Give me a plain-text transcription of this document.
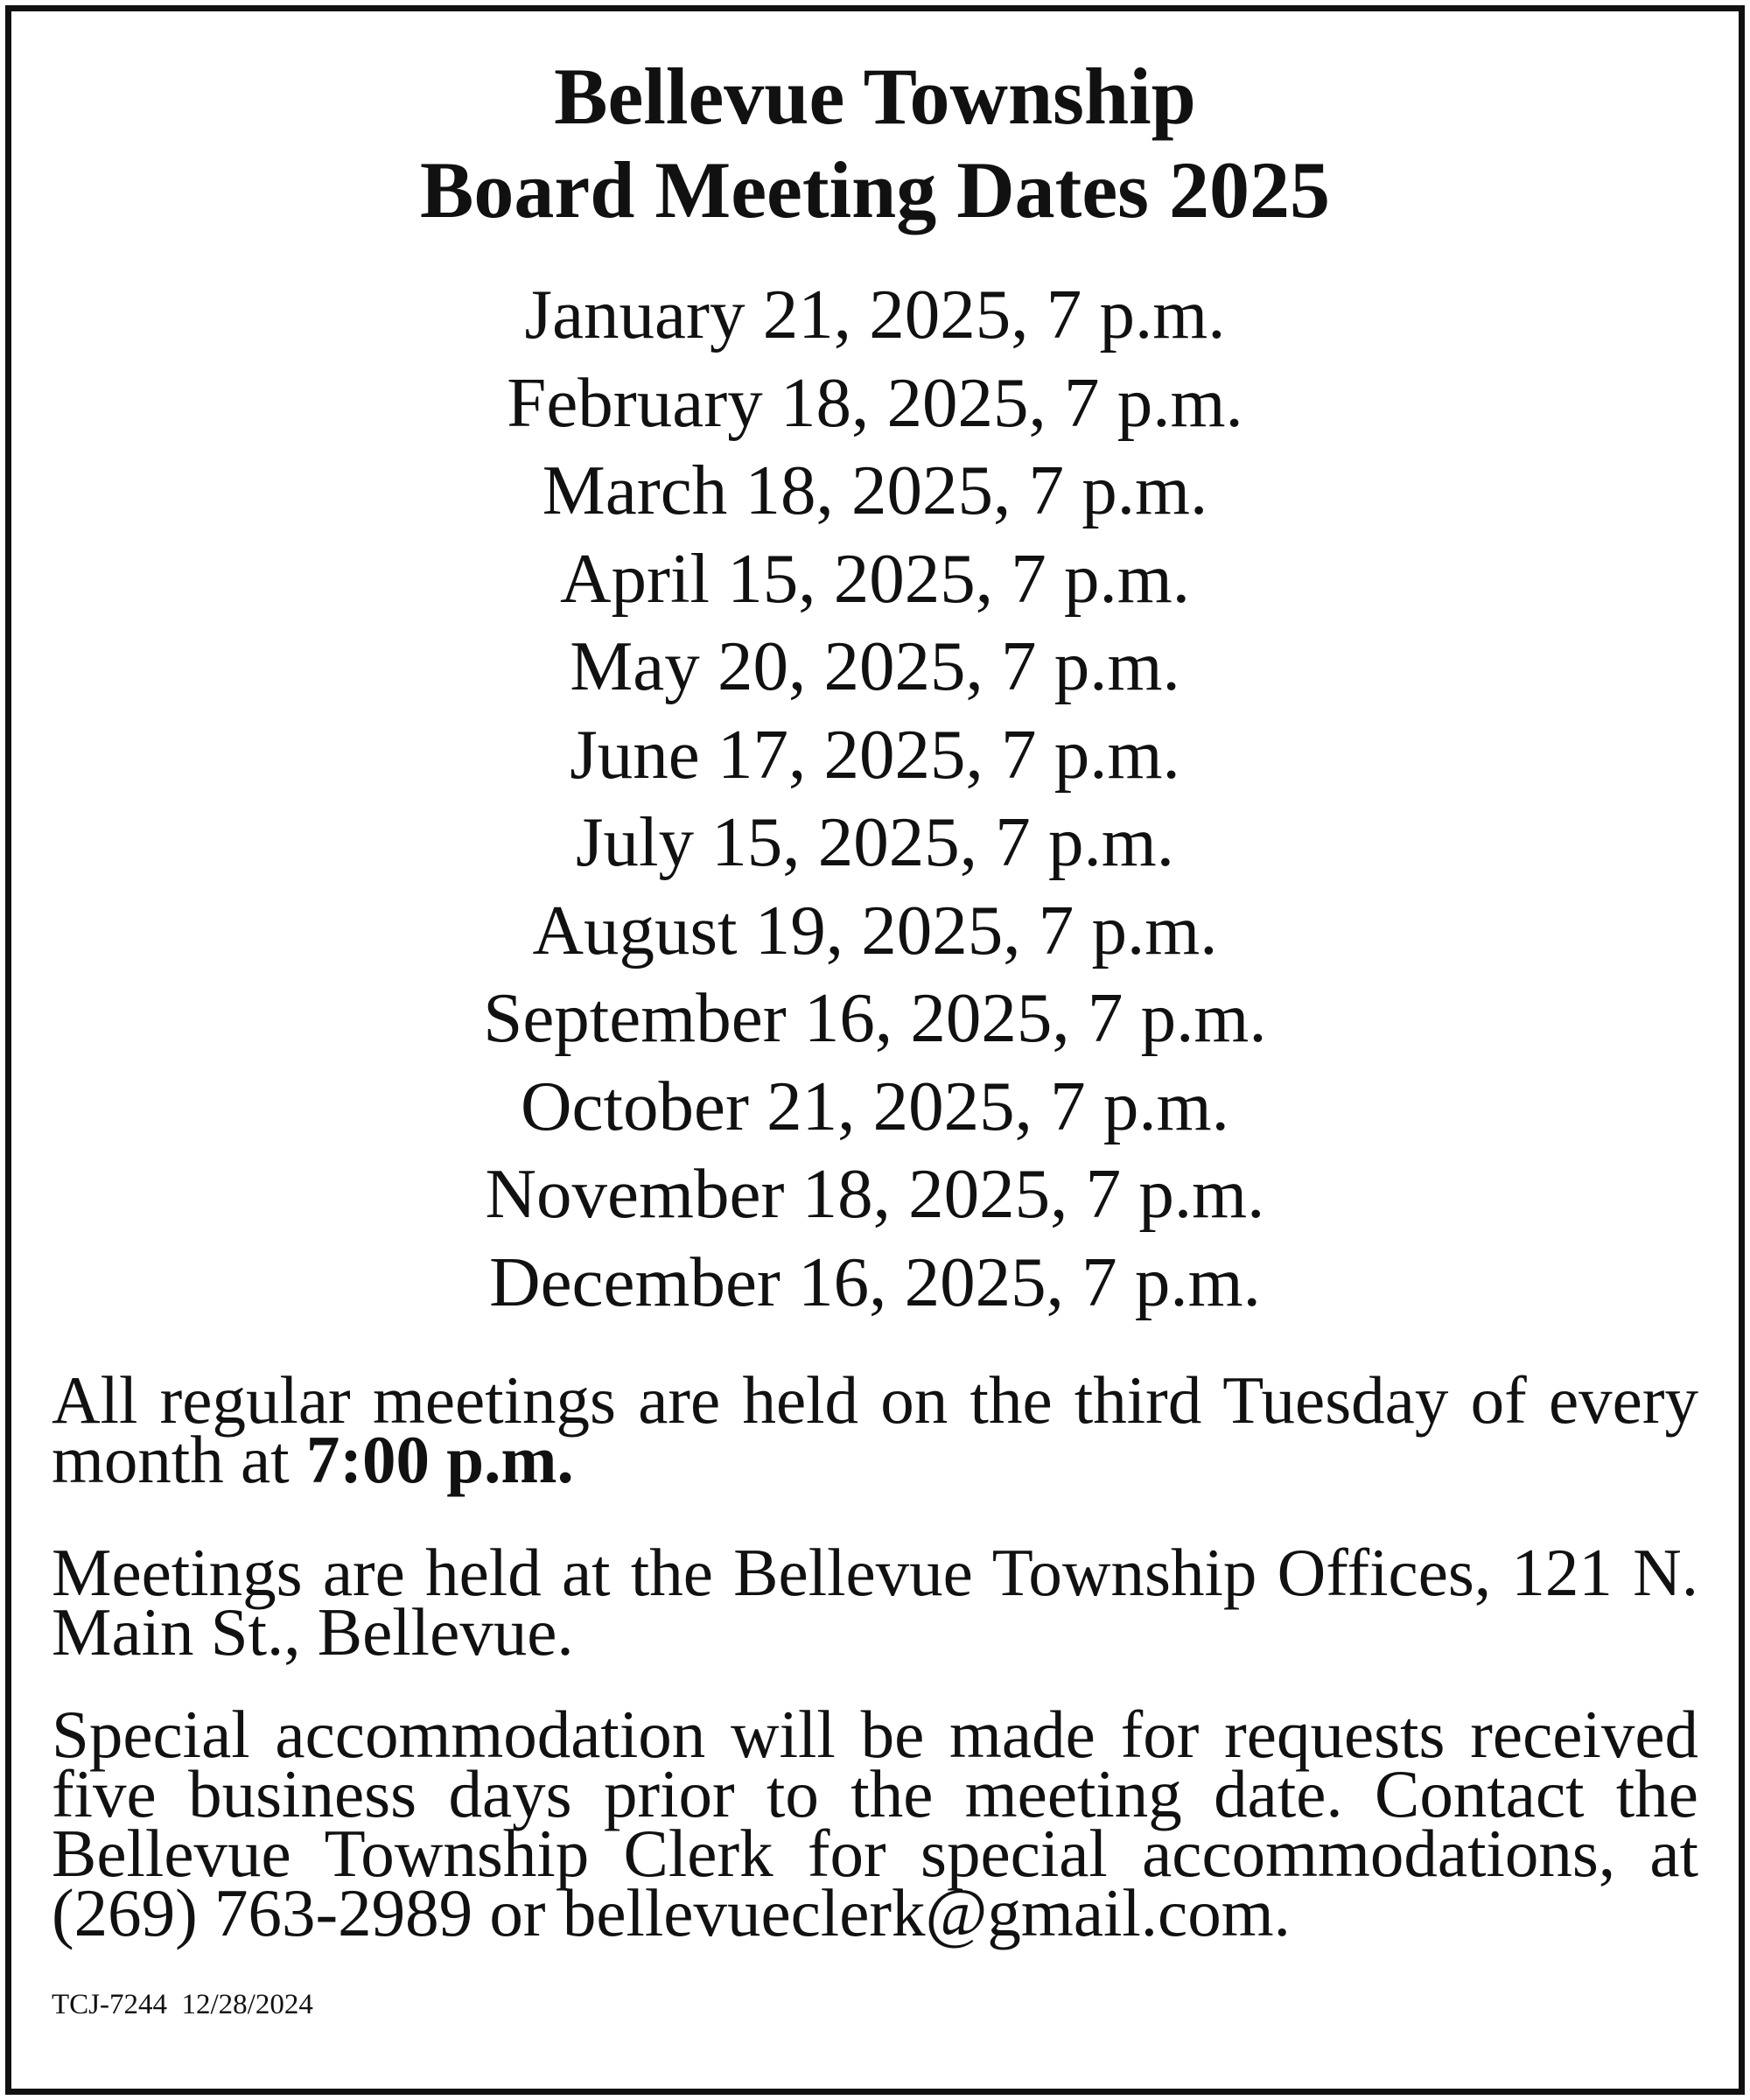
Bellevue Township
Board Meeting Dates 2025
January 21, 2025, 7 p.m.
February 18, 2025, 7 p.m.
March 18, 2025, 7 p.m.
April 15, 2025, 7 p.m.
May 20, 2025, 7 p.m.
June 17, 2025, 7 p.m.
July 15, 2025, 7 p.m.
August 19, 2025, 7 p.m.
September 16, 2025, 7 p.m.
October 21, 2025, 7 p.m.
November 18, 2025, 7 p.m.
December 16, 2025, 7 p.m.

All regular meetings are held on the third Tuesday of every month at 7:00 p.m.

Meetings are held at the Bellevue Township Offices, 121 N. Main St., Bellevue.

Special accommodation will be made for requests received five business days prior to the meeting date. Contact the Bellevue Township Clerk for special accommodations, at (269) 763-2989 or bellevueclerk@gmail.com.

TCJ-7244 12/28/2024
